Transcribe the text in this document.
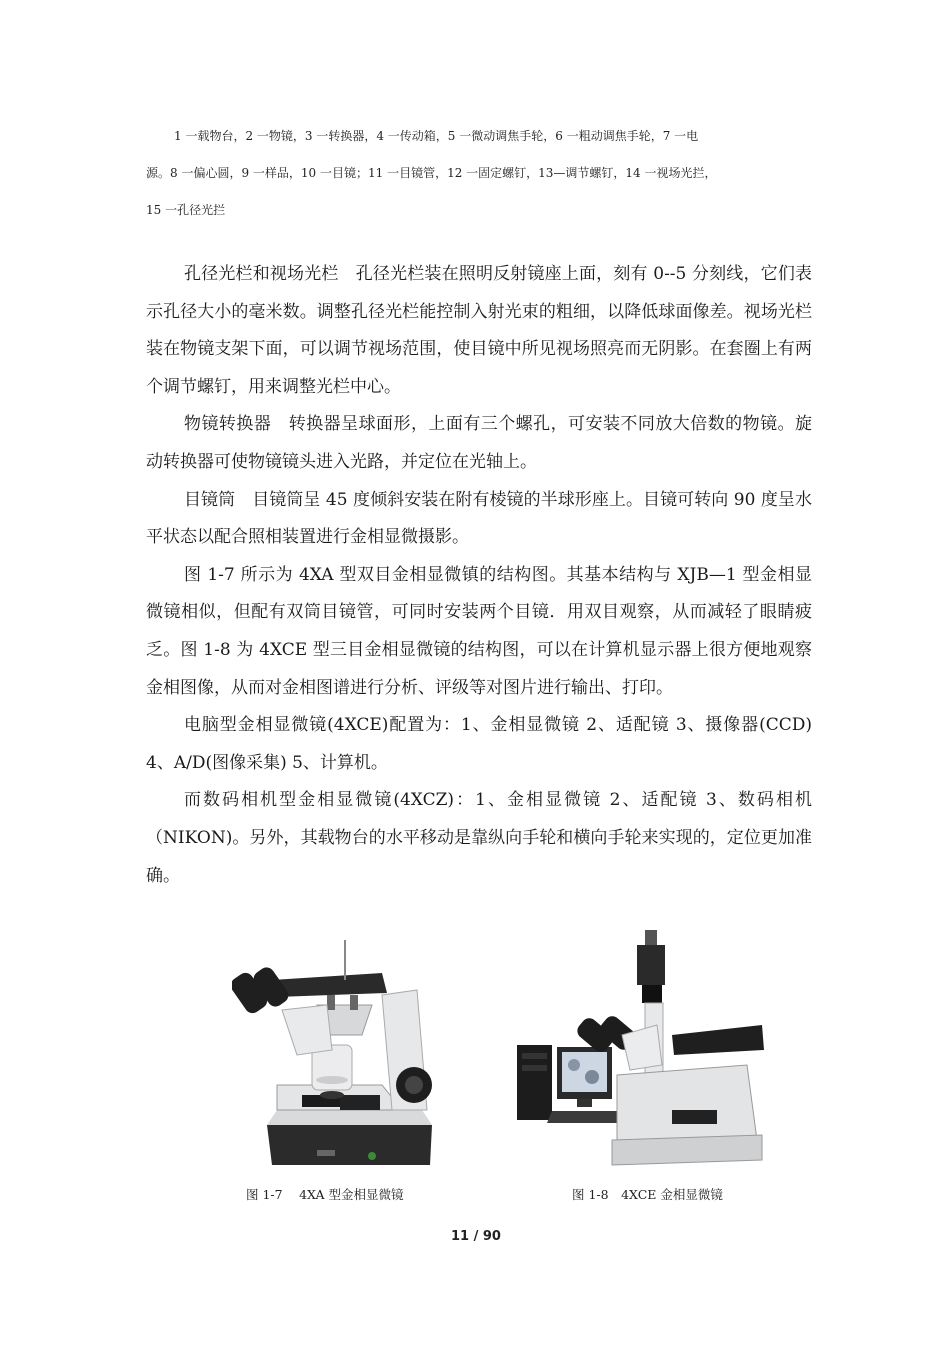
1 一载物台，2 一物镜，3 一转换器，4 一传动箱，5 一微动调焦手轮，6 一粗动调焦手轮，7 一电

源。8 一偏心圆，9 一样品，10 一目镜；11 一目镜管，12 一固定螺钉，13—调节螺钉，14 一视场光拦，

15 一孔径光拦

孔径光栏和视场光栏　孔径光栏装在照明反射镜座上面，刻有 0--5 分刻线，它们表示孔径大小的毫米数。调整孔径光栏能控制入射光束的粗细，以降低球面像差。视场光栏装在物镜支架下面，可以调节视场范围，使目镜中所见视场照亮而无阴影。在套圈上有两个调节螺钉，用来调整光栏中心。

物镜转换器　转换器呈球面形，上面有三个螺孔，可安装不同放大倍数的物镜。旋动转换器可使物镜镜头进入光路，并定位在光轴上。

目镜筒　目镜筒呈 45 度倾斜安装在附有棱镜的半球形座上。目镜可转向 90 度呈水平状态以配合照相装置进行金相显微摄影。

图 1-7 所示为 4XA 型双目金相显微镇的结构图。其基本结构与 XJB—1 型金相显微镜相似，但配有双筒目镜管，可同时安装两个目镜．用双目观察，从而减轻了眼睛疲乏。图 1-8 为 4XCE 型三目金相显微镜的结构图，可以在计算机显示器上很方便地观察金相图像，从而对金相图谱进行分析、评级等对图片进行输出、打印。

电脑型金相显微镜(4XCE)配置为：1、金相显微镜 2、适配镜 3、摄像器(CCD) 4、A/D(图像采集) 5、计算机。

而数码相机型金相显微镜(4XCZ)：1、金相显微镜 2、适配镜 3、数码相机（NIKON)。另外，其载物台的水平移动是靠纵向手轮和横向手轮来实现的，定位更加准确。

图 1-7　 4XA 型金相显微镜	图 1-8　4XCE 金相显微镜
11 / 90
